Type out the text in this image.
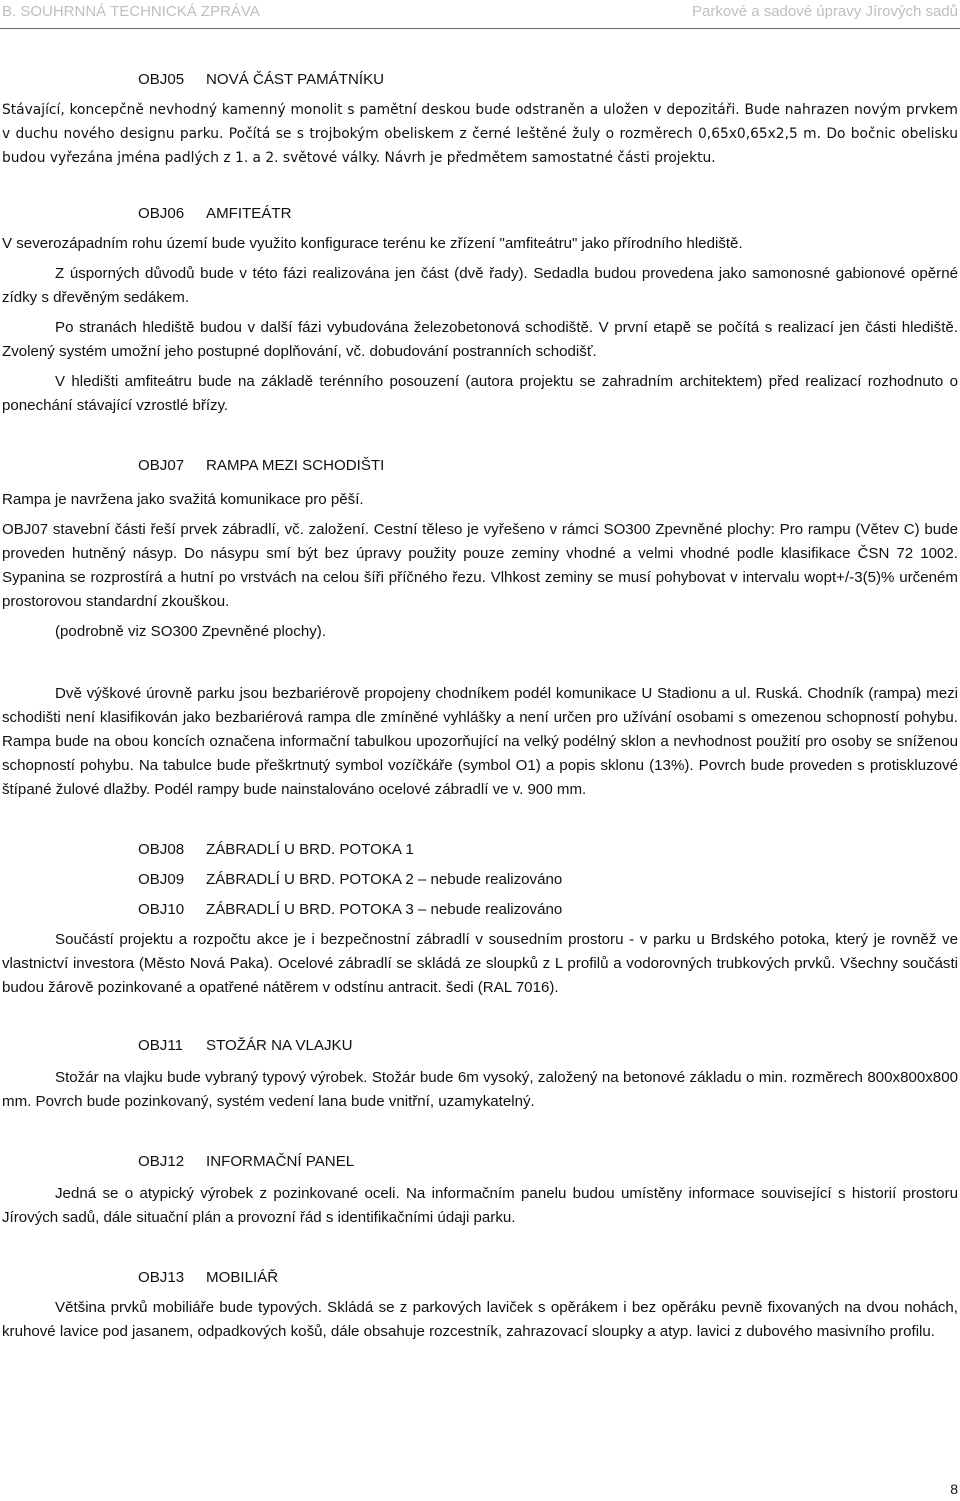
B. SOUHRNNÁ TECHNICKÁ ZPRÁVA	Parkové a sadové úpravy Jírových sadů
OBJ05 NOVÁ ČÁST PAMÁTNÍKU

Stávající, koncepčně nevhodný kamenný monolit s pamětní deskou bude odstraněn a uložen v depozitáři. Bude nahrazen novým prvkem v duchu nového designu parku. Počítá se s trojbokým obeliskem z černé leštěné žuly o rozměrech 0,65x0,65x2,5 m. Do bočnic obelisku budou vyřezána jména padlých z 1. a 2. světové války. Návrh je předmětem samostatné části projektu.

OBJ06 AMFITEÁTR

V severozápadním rohu území bude využito konfigurace terénu ke zřízení "amfiteátru" jako přírodního hlediště.

Z úsporných důvodů bude v této fázi realizována jen část (dvě řady). Sedadla budou provedena jako samonosné gabionové opěrné zídky s dřevěným sedákem.

Po stranách hlediště budou v další fázi vybudována železobetonová schodiště. V první etapě se počítá s realizací jen části hlediště. Zvolený systém umožní jeho postupné doplňování, vč. dobudování postranních schodišť.

V hledišti amfiteátru bude na základě terénního posouzení (autora projektu se zahradním architektem) před realizací rozhodnuto o ponechání stávající vzrostlé břízy.

OBJ07 RAMPA MEZI SCHODIŠTI

Rampa je navržena jako svažitá komunikace pro pěší.

OBJ07 stavební části řeší prvek zábradlí, vč. založení. Cestní těleso je vyřešeno v rámci SO300 Zpevněné plochy: Pro rampu (Větev C) bude proveden hutněný násyp. Do násypu smí být bez úpravy použity pouze zeminy vhodné a velmi vhodné podle klasifikace ČSN 72 1002. Sypanina se rozprostírá a hutní po vrstvách na celou šíři příčného řezu. Vlhkost zeminy se musí pohybovat v intervalu wopt+/-3(5)% určeném prostorovou standardní zkouškou.

(podrobně viz SO300 Zpevněné plochy).

Dvě výškové úrovně parku jsou bezbariérově propojeny chodníkem podél komunikace U Stadionu a ul. Ruská. Chodník (rampa) mezi schodišti není klasifikován jako bezbariérová rampa dle zmíněné vyhlášky a není určen pro užívání osobami s omezenou schopností pohybu. Rampa bude na obou koncích označena informační tabulkou upozorňující na velký podélný sklon a nevhodnost použití pro osoby se sníženou schopností pohybu. Na tabulce bude přeškrtnutý symbol vozíčkáře (symbol O1) a popis sklonu (13%). Povrch bude proveden s protiskluzové štípané žulové dlažby. Podél rampy bude nainstalováno ocelové zábradlí ve v. 900 mm.

OBJ08 ZÁBRADLÍ U BRD. POTOKA 1
OBJ09 ZÁBRADLÍ U BRD. POTOKA 2 – nebude realizováno
OBJ10 ZÁBRADLÍ U BRD. POTOKA 3 – nebude realizováno

Součástí projektu a rozpočtu akce je i bezpečnostní zábradlí v sousedním prostoru - v parku u Brdského potoka, který je rovněž ve vlastnictví investora (Město Nová Paka). Ocelové zábradlí se skládá ze sloupků z L profilů a vodorovných trubkových prvků. Všechny součásti budou žárově pozinkované a opatřené nátěrem v odstínu antracit. šedi (RAL 7016).

OBJ11 STOŽÁR NA VLAJKU

Stožár na vlajku bude vybraný typový výrobek. Stožár bude 6m vysoký, založený na betonové základu o min. rozměrech 800x800x800 mm. Povrch bude pozinkovaný, systém vedení lana bude vnitřní, uzamykatelný.

OBJ12 INFORMAČNÍ PANEL

Jedná se o atypický výrobek z pozinkované oceli. Na informačním panelu budou umístěny informace související s historií prostoru Jírových sadů, dále situační plán a provozní řád s identifikačními údaji parku.

OBJ13 MOBILIÁŘ

Většina prvků mobiliáře bude typových. Skládá se z parkových laviček s opěrákem i bez opěráku pevně fixovaných na dvou nohách, kruhové lavice pod jasanem, odpadkových košů, dále obsahuje rozcestník, zahrazovací sloupky a atyp. lavici z dubového masivního profilu.

8
